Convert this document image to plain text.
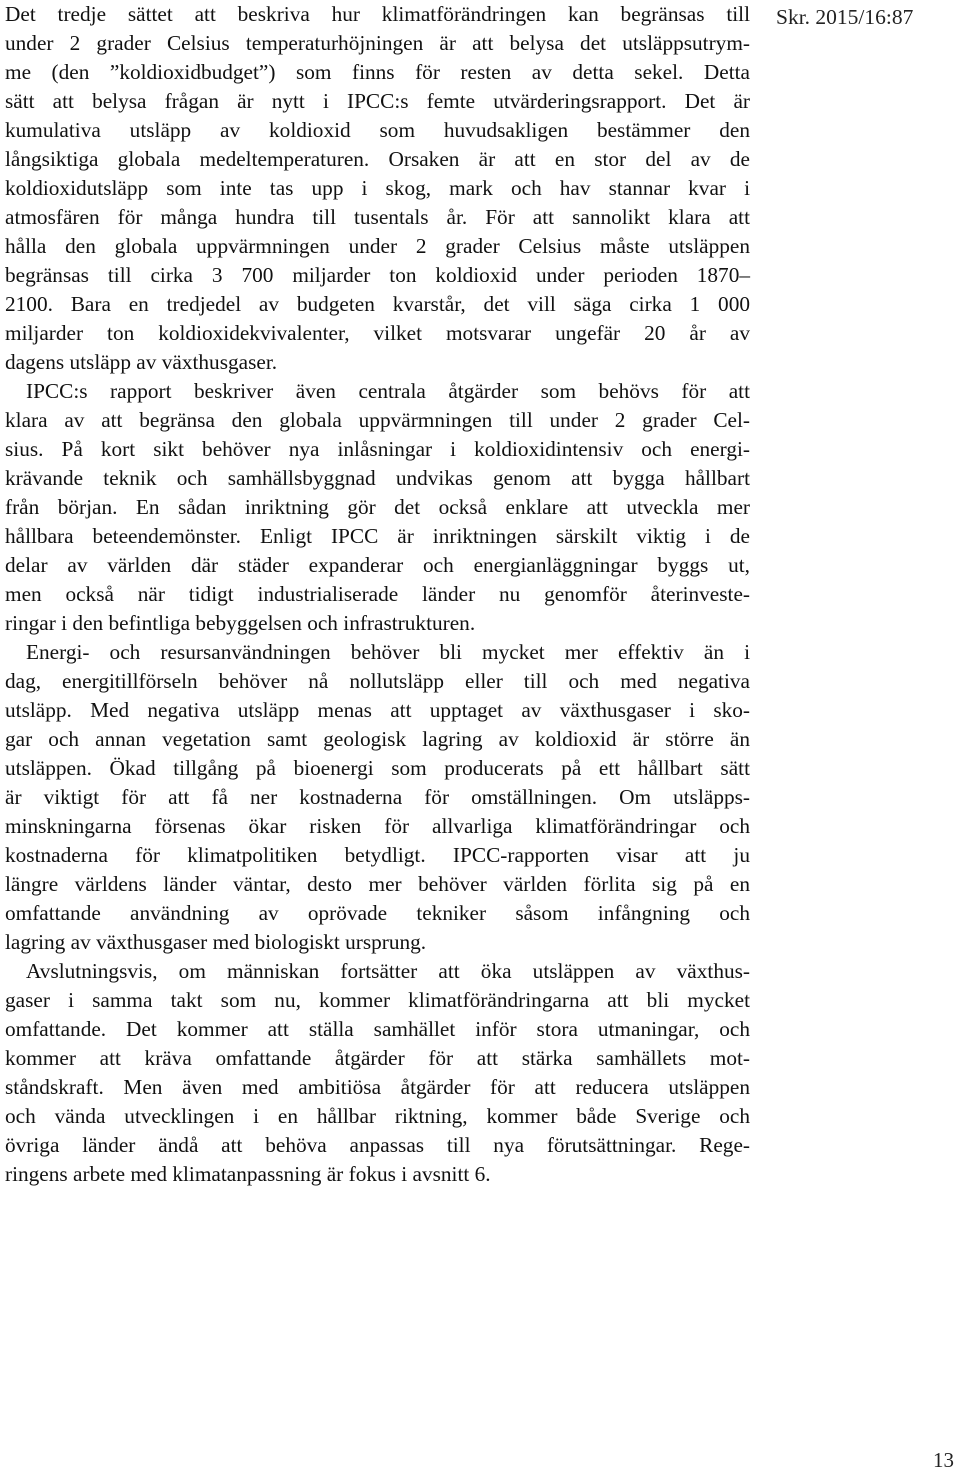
Skr. 2015/16:87

Det tredje sättet att beskriva hur klimatförändringen kan begränsas till
under 2 grader Celsius temperaturhöjningen är att belysa det utsläppsutrym-
me (den ”koldioxidbudget”) som finns för resten av detta sekel. Detta
sätt att belysa frågan är nytt i IPCC:s femte utvärderingsrapport. Det är
kumulativa utsläpp av koldioxid som huvudsakligen bestämmer den
långsiktiga globala medeltemperaturen. Orsaken är att en stor del av de
koldioxidutsläpp som inte tas upp i skog, mark och hav stannar kvar i
atmosfären för många hundra till tusentals år. För att sannolikt klara att
hålla den globala uppvärmningen under 2 grader Celsius måste utsläppen
begränsas till cirka 3 700 miljarder ton koldioxid under perioden 1870–
2100. Bara en tredjedel av budgeten kvarstår, det vill säga cirka 1 000
miljarder ton koldioxidekvivalenter, vilket motsvarar ungefär 20 år av
dagens utsläpp av växthusgaser.

IPCC:s rapport beskriver även centrala åtgärder som behövs för att
klara av att begränsa den globala uppvärmningen till under 2 grader Cel-
sius. På kort sikt behöver nya inlåsningar i koldioxidintensiv och energi-
krävande teknik och samhällsbyggnad undvikas genom att bygga hållbart
från början. En sådan inriktning gör det också enklare att utveckla mer
hållbara beteendemönster. Enligt IPCC är inriktningen särskilt viktig i de
delar av världen där städer expanderar och energianläggningar byggs ut,
men också när tidigt industrialiserade länder nu genomför återinveste-
ringar i den befintliga bebyggelsen och infrastrukturen.

Energi- och resursanvändningen behöver bli mycket mer effektiv än i
dag, energitillförseln behöver nå nollutsläpp eller till och med negativa
utsläpp. Med negativa utsläpp menas att upptaget av växthusgaser i sko-
gar och annan vegetation samt geologisk lagring av koldioxid är större än
utsläppen. Ökad tillgång på bioenergi som producerats på ett hållbart sätt
är viktigt för att få ner kostnaderna för omställningen. Om utsläpps-
minskningarna försenas ökar risken för allvarliga klimatförändringar och
kostnaderna för klimatpolitiken betydligt. IPCC-rapporten visar att ju
längre världens länder väntar, desto mer behöver världen förlita sig på en
omfattande användning av oprövade tekniker såsom infångning och
lagring av växthusgaser med biologiskt ursprung.

Avslutningsvis, om människan fortsätter att öka utsläppen av växthus-
gaser i samma takt som nu, kommer klimatförändringarna att bli mycket
omfattande. Det kommer att ställa samhället inför stora utmaningar, och
kommer att kräva omfattande åtgärder för att stärka samhällets mot-
ståndskraft. Men även med ambitiösa åtgärder för att reducera utsläppen
och vända utvecklingen i en hållbar riktning, kommer både Sverige och
övriga länder ändå att behöva anpassas till nya förutsättningar. Rege-
ringens arbete med klimatanpassning är fokus i avsnitt 6.

13
